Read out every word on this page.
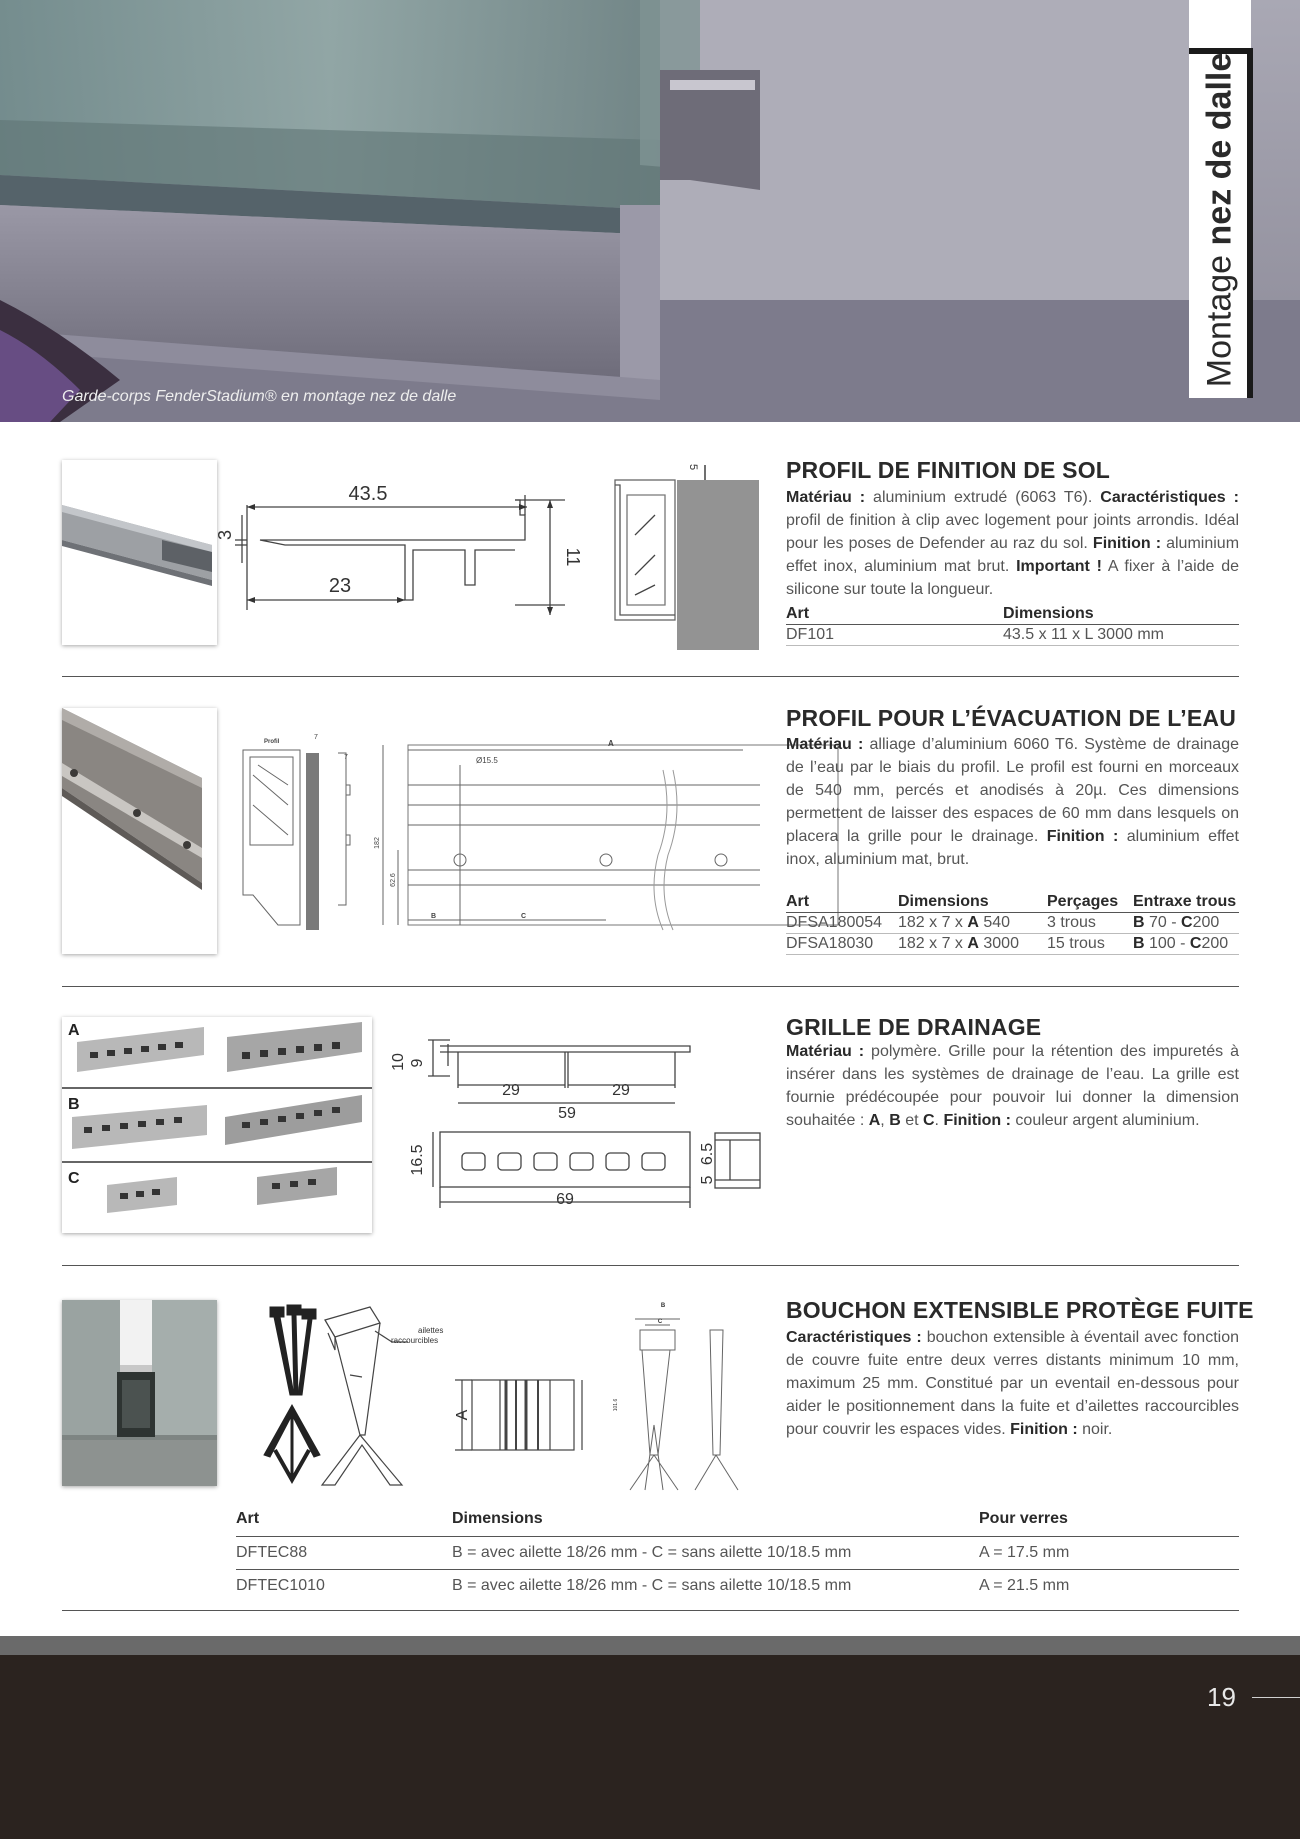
Garde-corps FenderStadium® en montage nez de dalle
Montage nez de dalle
43.5
23
3
11
5	PROFIL DE FINITION DE SOL

Matériau : aluminium extrudé (6063 T6). Caractéristiques : profil de finition à clip avec logement pour joints arrondis. Idéal pour les poses de Defender au raz du sol. Finition : aluminium effet inox, aluminium mat brut. Important ! A fixer à l’aide de silicone sur toute la longueur.

Art	Dimensions
DF101	43.5 x 11 x L 3000 mm
Profil
7
7
182
62.6
A
Ø15.5
B	C
PROFIL POUR L’ÉVACUATION DE L’EAU

Matériau : alliage d’aluminium 6060 T6. Système de drainage de l’eau par le biais du profil. Le profil est fourni en morceaux de 540 mm, percés et anodisés à 20µ. Ces dimensions permettent de laisser des espaces de 60 mm dans lesquels on placera la grille pour le drainage. Finition : aluminium effet inox, aluminium mat, brut.

Art	Dimensions	Perçages	Entraxe trous
DFSA180054	182 x 7 x A 540	3 trous	B 70 - C200
DFSA18030	182 x 7 x A 3000	15 trous	B 100 - C200
A
B
C
10 9
29	29
59
16.5
69
5
6.5
GRILLE DE DRAINAGE

Matériau : polymère. Grille pour la rétention des impuretés à insérer dans les systèmes de drainage de l’eau. La grille est fournie prédécoupée pour pouvoir lui donner la dimension souhaitée : A, B et C. Finition : couleur argent aluminium.

ailettes
raccourcibles
A
101.6
B
C	BOUCHON EXTENSIBLE PROTÈGE FUITE

Caractéristiques : bouchon extensible à éventail avec fonction de couvre fuite entre deux verres distants minimum 10 mm, maximum 25 mm. Constitué par un eventail en-dessous pour aider le positionnement dans la fuite et d’ailettes raccourcibles pour couvrir les espaces vides. Finition : noir.

Art	Dimensions	Pour verres
DFTEC88	B = avec ailette 18/26 mm - C = sans ailette 10/18.5 mm	A = 17.5 mm
DFTEC1010	B = avec ailette 18/26 mm - C = sans ailette 10/18.5 mm	A = 21.5 mm
19
